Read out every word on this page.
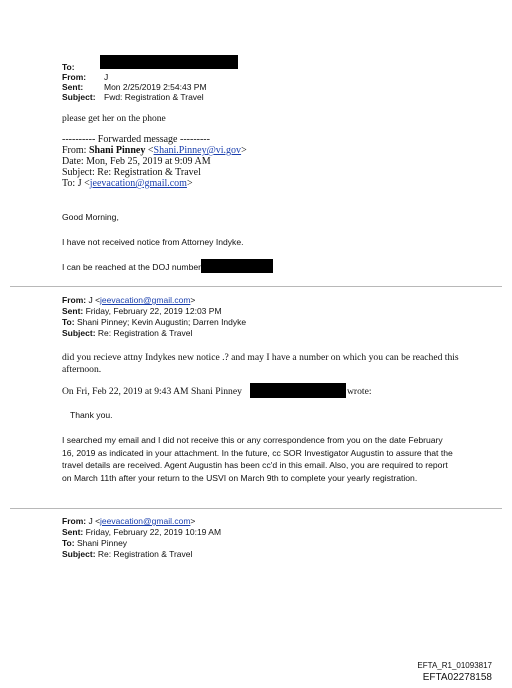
To:
From: J
Sent: Mon 2/25/2019 2:54:43 PM
Subject: Fwd: Registration & Travel
please get her on the phone
---------- Forwarded message ---------
From: Shani Pinney <Shani.Pinney@vi.gov>
Date: Mon, Feb 25, 2019 at 9:09 AM
Subject: Re: Registration & Travel
To: J <jeevacation@gmail.com>
Good Morning,
I have not received notice from Attorney Indyke.
I can be reached at the DOJ number
From: J <jeevacation@gmail.com>
Sent: Friday, February 22, 2019 12:03 PM
To: Shani Pinney; Kevin Augustin; Darren Indyke
Subject: Re: Registration & Travel
did you recieve attny Indykes new notice .? and may I have a number on which you can be reached this afternoon.
On Fri, Feb 22, 2019 at 9:43 AM Shani Pinney	wrote:
Thank you.
I searched my email and I did not receive this or any correspondence from you on the date February 16, 2019 as indicated in your attachment. In the future, cc SOR Investigator Augustin to assure that the travel details are received. Agent Augustin has been cc'd in this email. Also, you are required to report on March 11th after your return to the USVI on March 9th to complete your yearly registration.
From: J <jeevacation@gmail.com>
Sent: Friday, February 22, 2019 10:19 AM
To: Shani Pinney
Subject: Re: Registration & Travel
EFTA_R1_01093817
EFTA02278158
